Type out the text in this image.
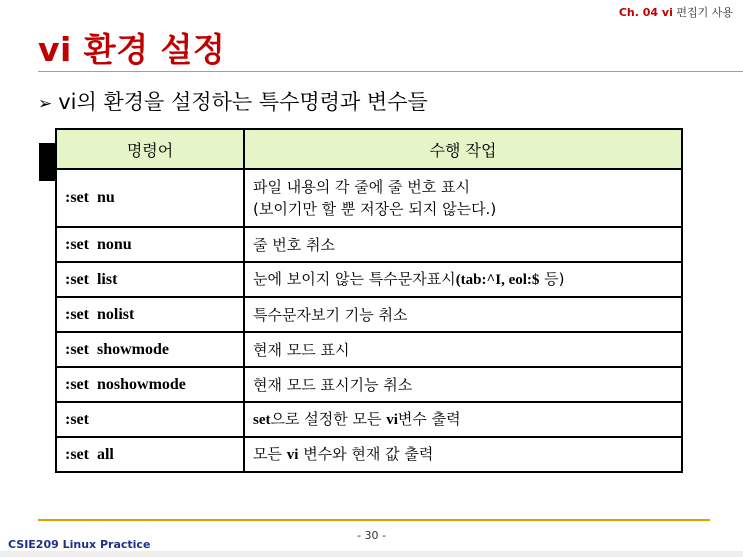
Ch. 04 vi 편집기 사용
vi 환경 설정
➢ vi의 환경을 설정하는 특수명령과 변수들
명령어	수행 작업
:set  nu	파일 내용의 각 줄에 줄 번호 표시
(보이기만 할 뿐 저장은 되지 않는다.)

:set  nonu	줄 번호 취소
:set  list	눈에 보이지 않는 특수문자표시(tab:^I, eol:$ 등)
:set  nolist	특수문자보기 기능 취소
:set  showmode	현재 모드 표시
:set  noshowmode	현재 모드 표시기능 취소
:set	set으로 설정한 모든 vi변수 출력
:set  all	모든 vi 변수와 현재 값 출력
- 30 -
CSIE209 Linux Practice
